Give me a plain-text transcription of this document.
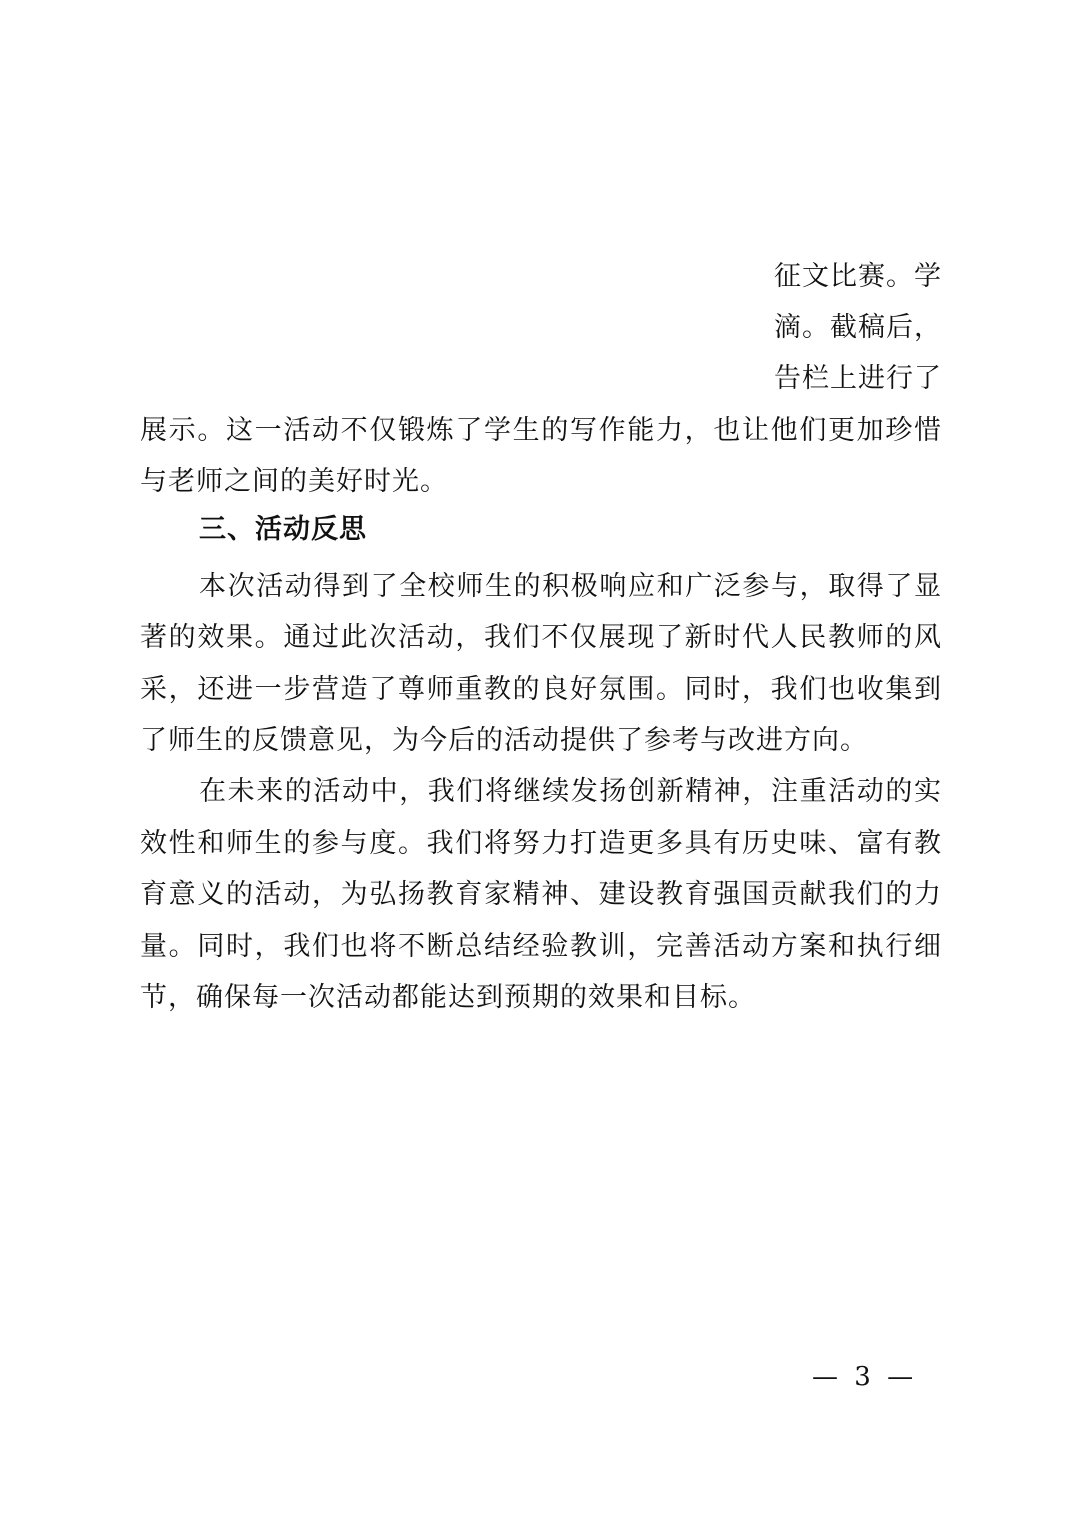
征文比赛。学
滴。截稿后，
告栏上进行了
展示。这一活动不仅锻炼了学生的写作能力，也让他们更加珍惜
与老师之间的美好时光。
三、活动反思
本次活动得到了全校师生的积极响应和广泛参与，取得了显
著的效果。通过此次活动，我们不仅展现了新时代人民教师的风
采，还进一步营造了尊师重教的良好氛围。同时，我们也收集到
了师生的反馈意见，为今后的活动提供了参考与改进方向。
在未来的活动中，我们将继续发扬创新精神，注重活动的实
效性和师生的参与度。我们将努力打造更多具有历史味、富有教
育意义的活动，为弘扬教育家精神、建设教育强国贡献我们的力
量。同时，我们也将不断总结经验教训，完善活动方案和执行细
节，确保每一次活动都能达到预期的效果和目标。
— 3 —
